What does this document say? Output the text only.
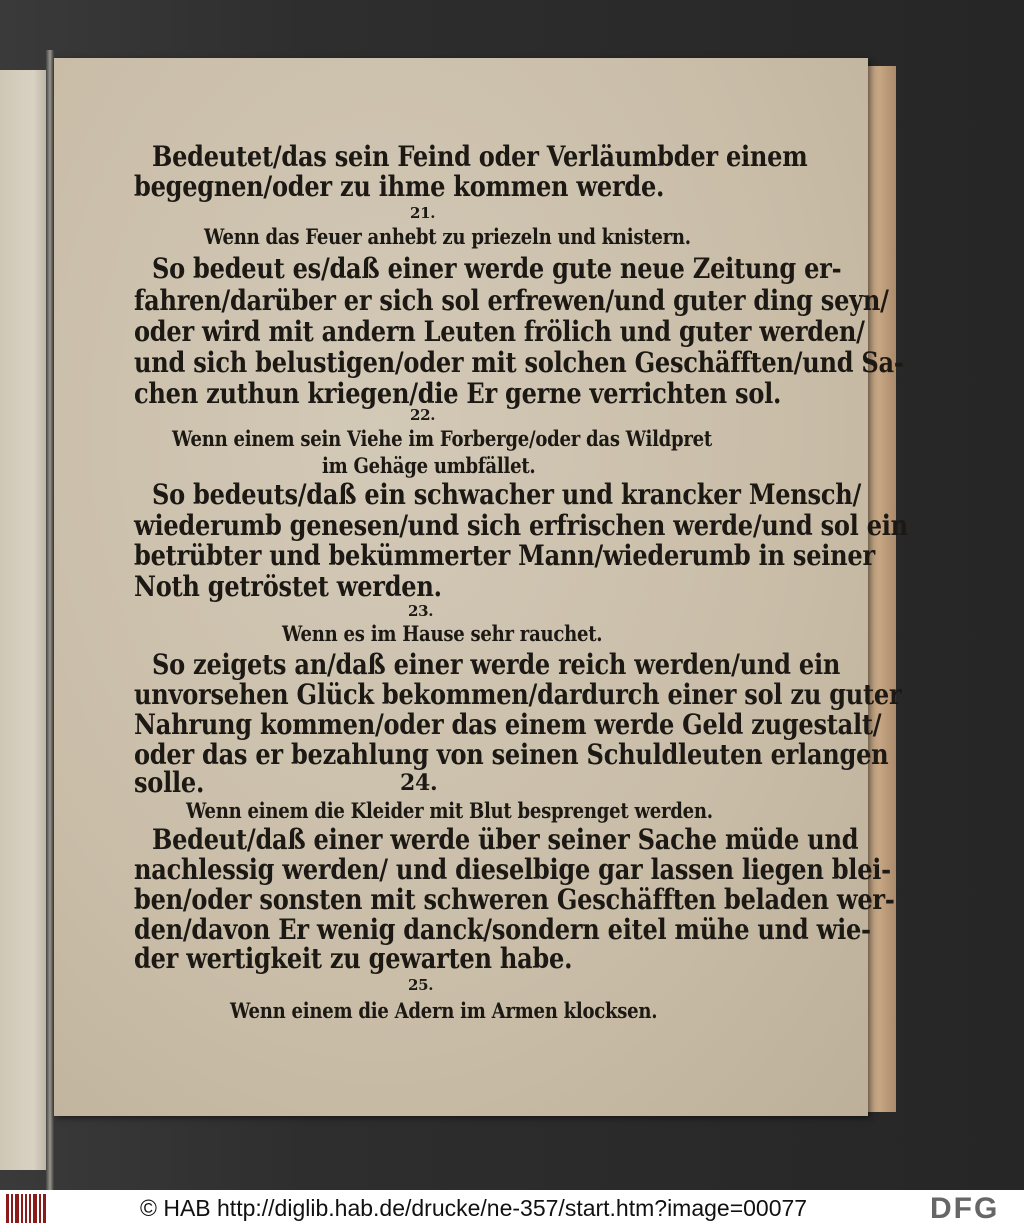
Bedeutet/das sein Feind oder Verläumbder einem
begegnen/oder zu ihme kommen werde.
21.
Wenn das Feuer anhebt zu priezeln und knistern.
So bedeut es/daß einer werde gute neue Zeitung er-
fahren/darüber er sich sol erfrewen/und guter ding seyn/
oder wird mit andern Leuten frölich und guter werden/
und sich belustigen/oder mit solchen Geschäfften/und Sa-
chen zuthun kriegen/die Er gerne verrichten sol.
22.
Wenn einem sein Viehe im Forberge/oder das Wildpret
im Gehäge umbfället.
So bedeuts/daß ein schwacher und krancker Mensch/
wiederumb genesen/und sich erfrischen werde/und sol ein
betrübter und bekümmerter Mann/wiederumb in seiner
Noth getröstet werden.
23.
Wenn es im Hause sehr rauchet.
So zeigets an/daß einer werde reich werden/und ein
unvorsehen Glück bekommen/dardurch einer sol zu guter
Nahrung kommen/oder das einem werde Geld zugestalt/
oder das er bezahlung von seinen Schuldleuten erlangen
solle.	24.
Wenn einem die Kleider mit Blut besprenget werden.
Bedeut/daß einer werde über seiner Sache müde und
nachlessig werden/ und dieselbige gar lassen liegen blei-
ben/oder sonsten mit schweren Geschäfften beladen wer-
den/davon Er wenig danck/sondern eitel mühe und wie-
der wertigkeit zu gewarten habe.
25.
Wenn einem die Adern im Armen klocksen.
© HAB http://diglib.hab.de/drucke/ne-357/start.htm?image=00077	DFG
